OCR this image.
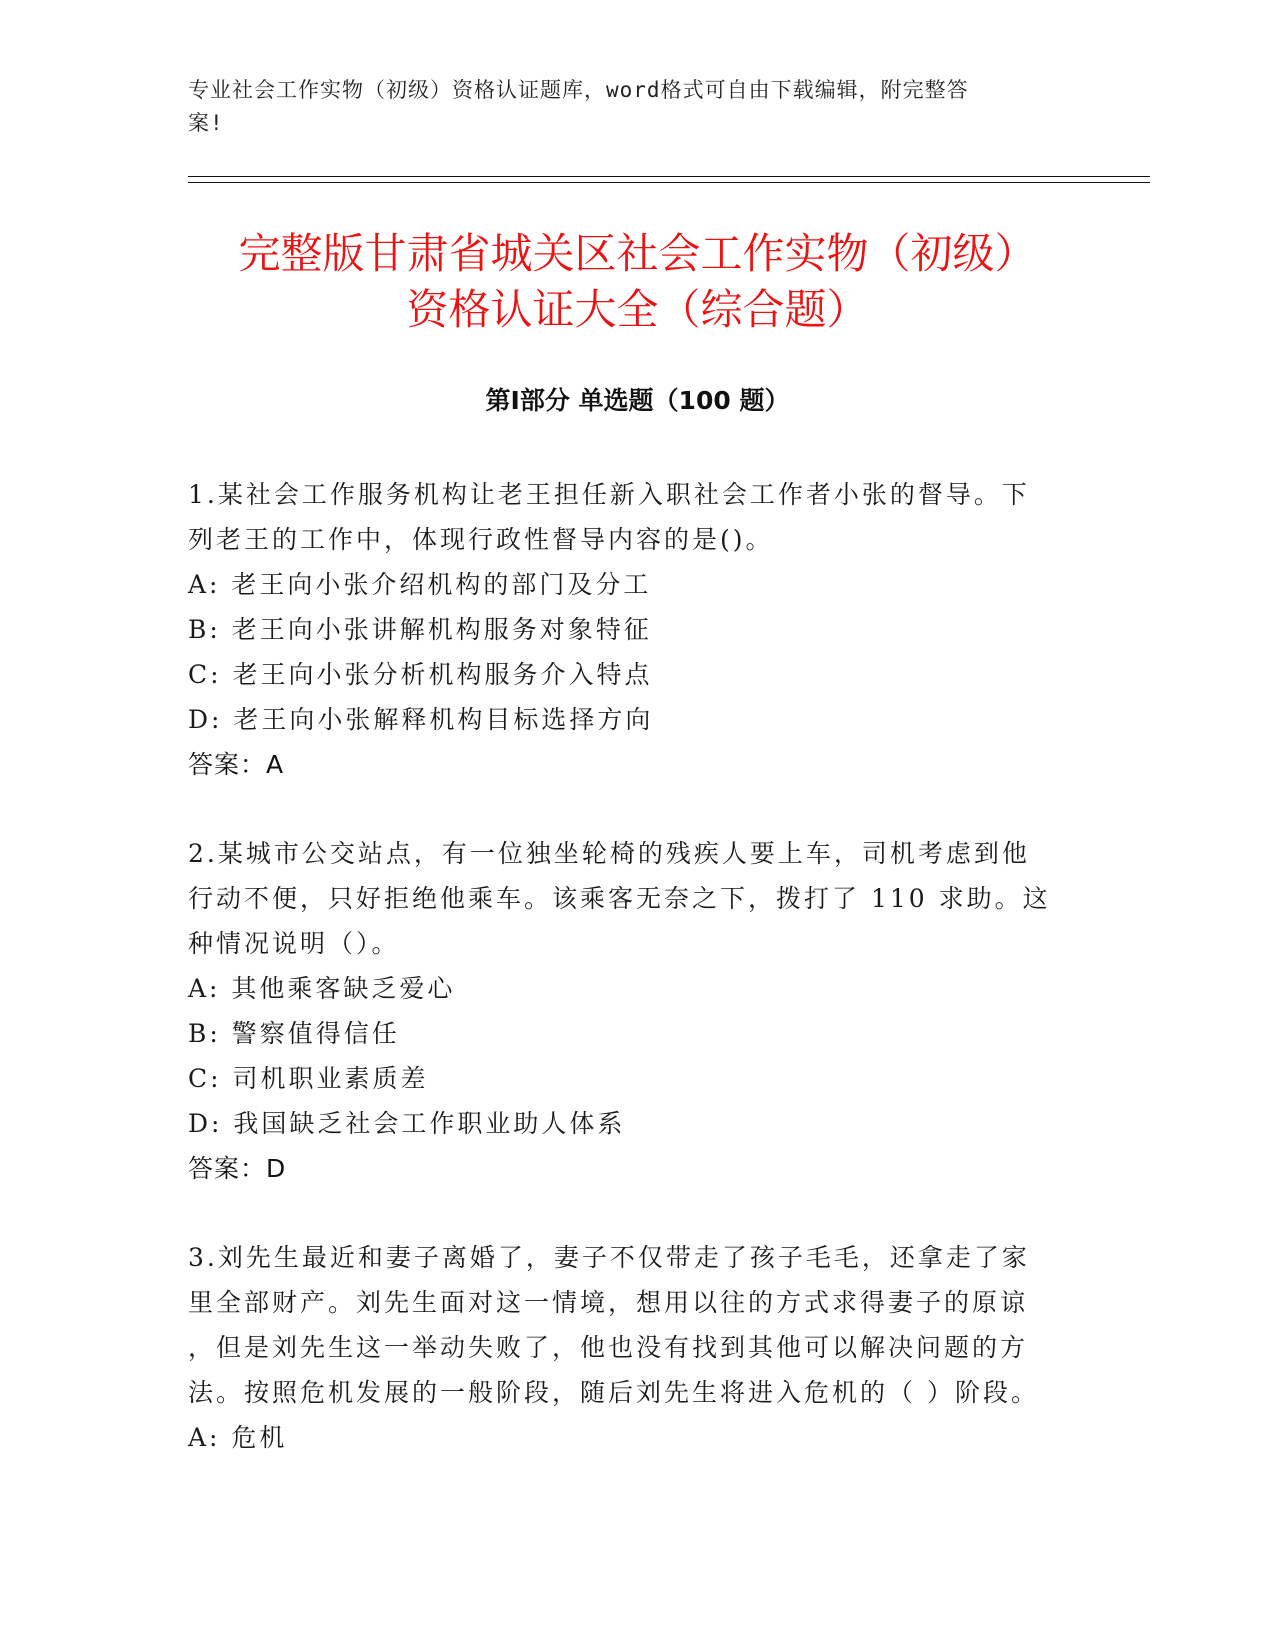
专业社会工作实物（初级）资格认证题库，word格式可自由下载编辑，附完整答
案!
完整版甘肃省城关区社会工作实物（初级）
资格认证大全（综合题）
第Ⅰ部分 单选题（100 题）
1.某社会工作服务机构让老王担任新入职社会工作者小张的督导。下
列老王的工作中，体现行政性督导内容的是()。
A: 老王向小张介绍机构的部门及分工
B: 老王向小张讲解机构服务对象特征
C: 老王向小张分析机构服务介入特点
D: 老王向小张解释机构目标选择方向
答案：A
2.某城市公交站点，有一位独坐轮椅的残疾人要上车，司机考虑到他
行动不便，只好拒绝他乘车。该乘客无奈之下，拨打了 110 求助。这
种情况说明（）。
A: 其他乘客缺乏爱心
B: 警察值得信任
C: 司机职业素质差
D: 我国缺乏社会工作职业助人体系
答案：D
3.刘先生最近和妻子离婚了，妻子不仅带走了孩子毛毛，还拿走了家
里全部财产。刘先生面对这一情境，想用以往的方式求得妻子的原谅
，但是刘先生这一举动失败了，他也没有找到其他可以解决问题的方
法。按照危机发展的一般阶段，随后刘先生将进入危机的（ ）阶段。
A: 危机
